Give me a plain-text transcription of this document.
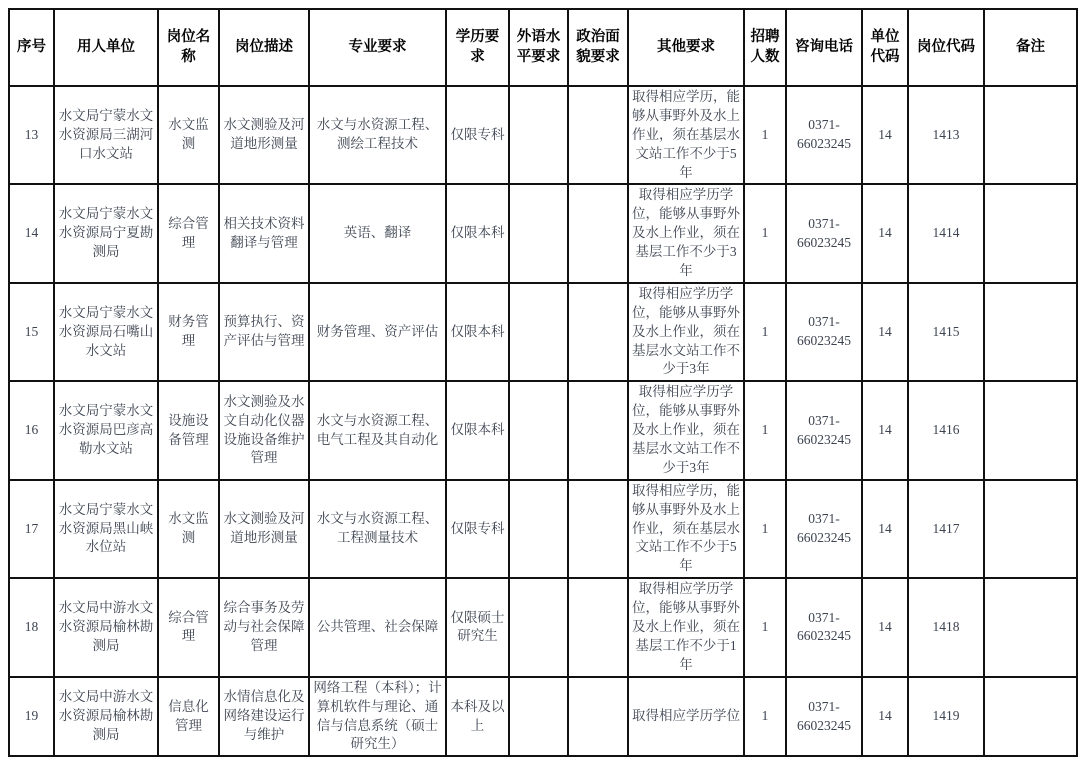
序号	用人单位	岗位名称	岗位描述	专业要求	学历要求	外语水平要求	政治面貌要求	其他要求	招聘人数	咨询电话	单位代码	岗位代码	备注
13	水文局宁蒙水文水资源局三湖河口水文站	水文监测	水文测验及河道地形测量	水文与水资源工程、测绘工程技术	仅限专科			取得相应学历，能够从事野外及水上作业，须在基层水文站工作不少于5年	1	0371-66023245	14	1413	
14	水文局宁蒙水文水资源局宁夏勘测局	综合管理	相关技术资料翻译与管理	英语、翻译	仅限本科			取得相应学历学位，能够从事野外及水上作业，须在基层工作不少于3年	1	0371-66023245	14	1414	
15	水文局宁蒙水文水资源局石嘴山水文站	财务管理	预算执行、资产评估与管理	财务管理、资产评估	仅限本科			取得相应学历学位，能够从事野外及水上作业，须在基层水文站工作不少于3年	1	0371-66023245	14	1415	
16	水文局宁蒙水文水资源局巴彦高勒水文站	设施设备管理	水文测验及水文自动化仪器设施设备维护管理	水文与水资源工程、电气工程及其自动化	仅限本科			取得相应学历学位，能够从事野外及水上作业，须在基层水文站工作不少于3年	1	0371-66023245	14	1416	
17	水文局宁蒙水文水资源局黑山峡水位站	水文监测	水文测验及河道地形测量	水文与水资源工程、工程测量技术	仅限专科			取得相应学历，能够从事野外及水上作业，须在基层水文站工作不少于5年	1	0371-66023245	14	1417	
18	水文局中游水文水资源局榆林勘测局	综合管理	综合事务及劳动与社会保障管理	公共管理、社会保障	仅限硕士研究生			取得相应学历学位，能够从事野外及水上作业，须在基层工作不少于1年	1	0371-66023245	14	1418	
19	水文局中游水文水资源局榆林勘测局	信息化管理	水情信息化及网络建设运行与维护	网络工程（本科）；计算机软件与理论、通信与信息系统（硕士研究生）	本科及以上			取得相应学历学位	1	0371-66023245	14	1419	
